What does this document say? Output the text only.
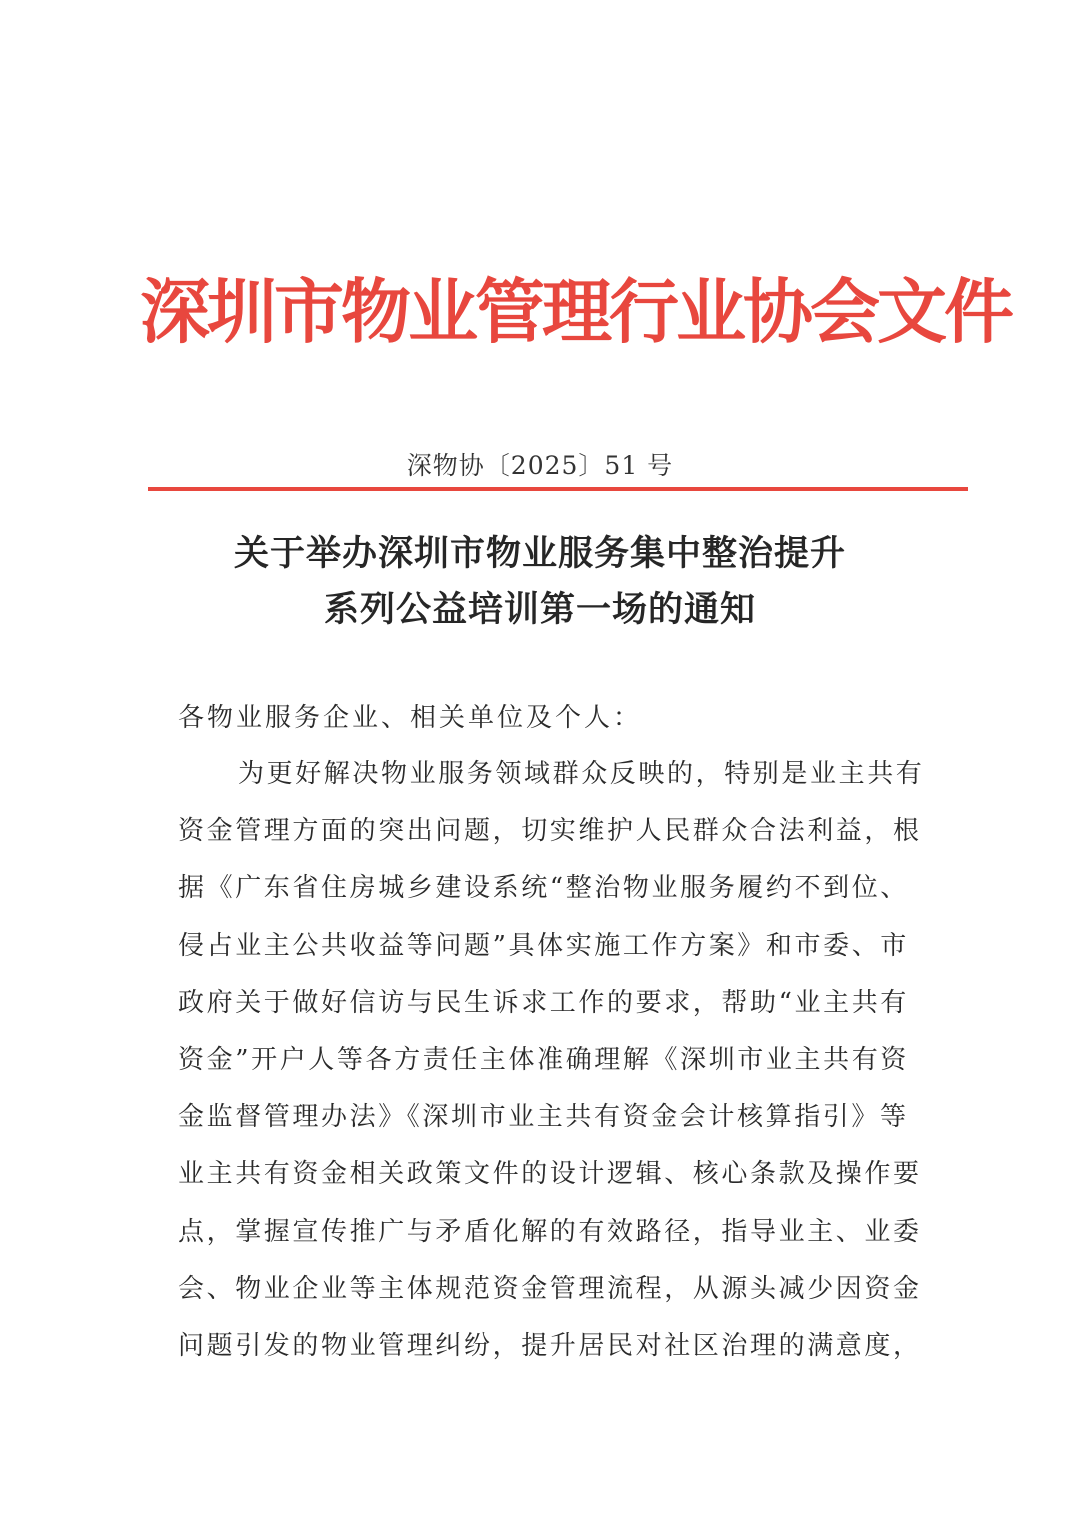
深圳市物业管理行业协会文件
深物协〔2025〕51 号
关于举办深圳市物业服务集中整治提升
系列公益培训第一场的通知
各物业服务企业、相关单位及个人：
为更好解决物业服务领域群众反映的，特别是业主共有
资金管理方面的突出问题，切实维护人民群众合法利益，根
据《广东省住房城乡建设系统“整治物业服务履约不到位、
侵占业主公共收益等问题”具体实施工作方案》和市委、市
政府关于做好信访与民生诉求工作的要求，帮助“业主共有
资金”开户人等各方责任主体准确理解《深圳市业主共有资
金监督管理办法》《深圳市业主共有资金会计核算指引》等
业主共有资金相关政策文件的设计逻辑、核心条款及操作要
点，掌握宣传推广与矛盾化解的有效路径，指导业主、业委
会、物业企业等主体规范资金管理流程，从源头减少因资金
问题引发的物业管理纠纷，提升居民对社区治理的满意度，
